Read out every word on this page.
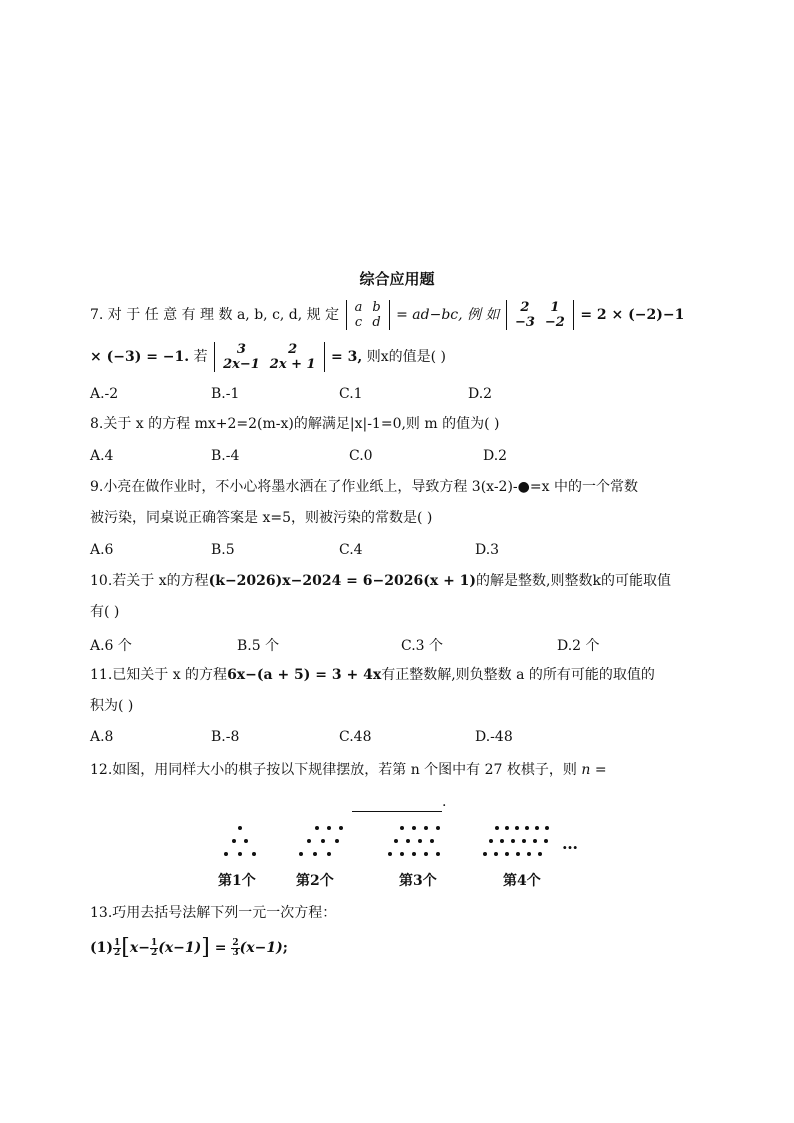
综合应用题
7. 对 于 任 意 有 理 数 a, b, c, d, 规 定 a	b
c	d = ad−bc, 例 如 2	1
−3	−2 = 2 × (−2)−1
× (−3) = −1. 若 3	2
2x−1	2x + 1 = 3, 则x的值是( )
A.-2	B.-1	C.1	D.2
8.关于 x 的方程 mx+2=2(m-x)的解满足|x|-1=0,则 m 的值为( )
A.4	B.-4	C.0	D.2
9.小亮在做作业时，不小心将墨水洒在了作业纸上，导致方程 3(x-2)-●=x 中的一个常数
被污染，同桌说正确答案是 x=5，则被污染的常数是( )
A.6	B.5	C.4	D.3
10.若关于 x的方程(k−2026)x−2024 = 6−2026(x + 1)的解是整数,则整数k的可能取值
有( )
A.6 个	B.5 个	C.3 个	D.2 个
11.已知关于 x 的方程6x−(a + 5) = 3 + 4x有正整数解,则负整数 a 的所有可能的取值的
积为( )
A.8	B.-8	C.48	D.-48
12.如图，用同样大小的棋子按以下规律摆放，若第 n 个图中有 27 枚棋子，则 n =
.
…
第1个	第2个	第3个	第4个
13.巧用去括号法解下列一元一次方程：
$(1) \frac{1}{2} [x- \frac{1}{2} (x-1)] = \frac{2}{3} (x-1)$;
